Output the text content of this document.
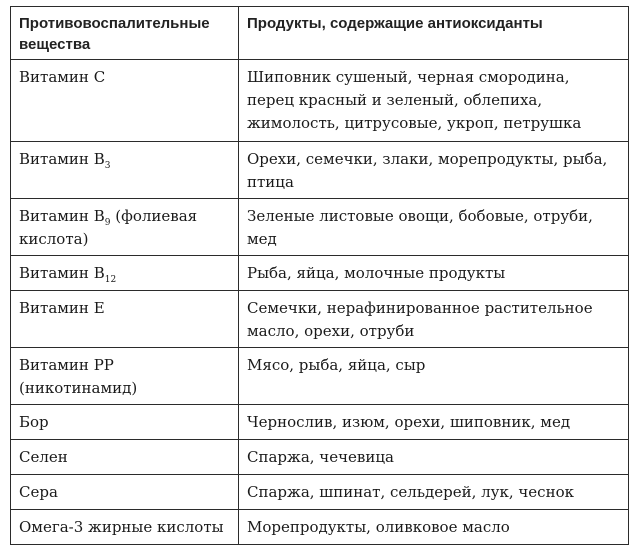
Противовоспалительные вещества	Продукты, содержащие антиоксиданты
Витамин C	Шиповник сушеный, черная смородина, перец красный и зеленый, облепиха, жимолость, цитрусовые, укроп, петрушка
Витамин $B_3$	Орехи, семечки, злаки, морепродукты, рыба, птица
Витамин $B_9$ (фолиевая кислота)	Зеленые листовые овощи, бобовые, отруби, мед
Витамин $B_{12}$	Рыба, яйца, молочные продукты
Витамин E	Семечки, нерафинированное растительное масло, орехи, отруби
Витамин PP (никотинамид)	Мясо, рыба, яйца, сыр
Бор	Чернослив, изюм, орехи, шиповник, мед
Селен	Спаржа, чечевица
Сера	Спаржа, шпинат, сельдерей, лук, чеснок
Омега-3 жирные кислоты	Морепродукты, оливковое масло
